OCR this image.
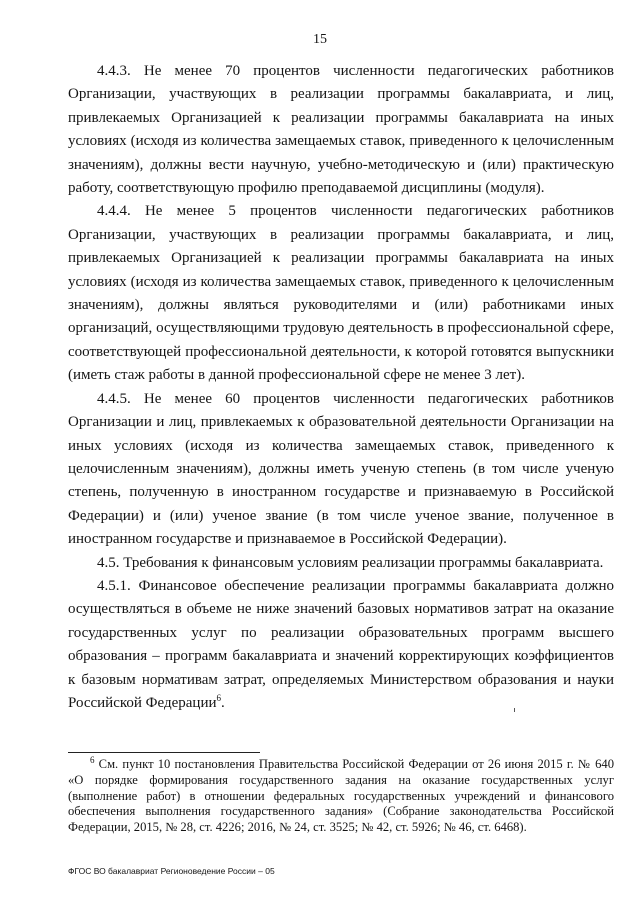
15

4.4.3. Не менее 70 процентов численности педагогических работников Организации, участвующих в реализации программы бакалавриата, и лиц, привлекаемых Организацией к реализации программы бакалавриата на иных условиях (исходя из количества замещаемых ставок, приведенного к целочисленным значениям), должны вести научную, учебно-методическую и (или) практическую работу, соответствующую профилю преподаваемой дисциплины (модуля).

4.4.4. Не менее 5 процентов численности педагогических работников Организации, участвующих в реализации программы бакалавриата, и лиц, привлекаемых Организацией к реализации программы бакалавриата на иных условиях (исходя из количества замещаемых ставок, приведенного к целочисленным значениям), должны являться руководителями и (или) работниками иных организаций, осуществляющими трудовую деятельность в профессиональной сфере, соответствующей профессиональной деятельности, к которой готовятся выпускники (иметь стаж работы в данной профессиональной сфере не менее 3 лет).

4.4.5. Не менее 60 процентов численности педагогических работников Организации и лиц, привлекаемых к образовательной деятельности Организации на иных условиях (исходя из количества замещаемых ставок, приведенного к целочисленным значениям), должны иметь ученую степень (в том числе ученую степень, полученную в иностранном государстве и признаваемую в Российской Федерации) и (или) ученое звание (в том числе ученое звание, полученное в иностранном государстве и признаваемое в Российской Федерации).

4.5. Требования к финансовым условиям реализации программы бакалавриата.

4.5.1. Финансовое обеспечение реализации программы бакалавриата должно осуществляться в объеме не ниже значений базовых нормативов затрат на оказание государственных услуг по реализации образовательных программ высшего образования – программ бакалавриата и значений корректирующих коэффициентов к базовым нормативам затрат, определяемых Министерством образования и науки Российской Федерации$^6$.

$^6$ См. пункт 10 постановления Правительства Российской Федерации от 26 июня 2015 г. № 640 «О порядке формирования государственного задания на оказание государственных услуг (выполнение работ) в отношении федеральных государственных учреждений и финансового обеспечения выполнения государственного задания» (Собрание законодательства Российской Федерации, 2015, № 28, ст. 4226; 2016, № 24, ст. 3525; № 42, ст. 5926; № 46, ст. 6468).

ФГОС ВО бакалавриат Регионоведение России – 05
